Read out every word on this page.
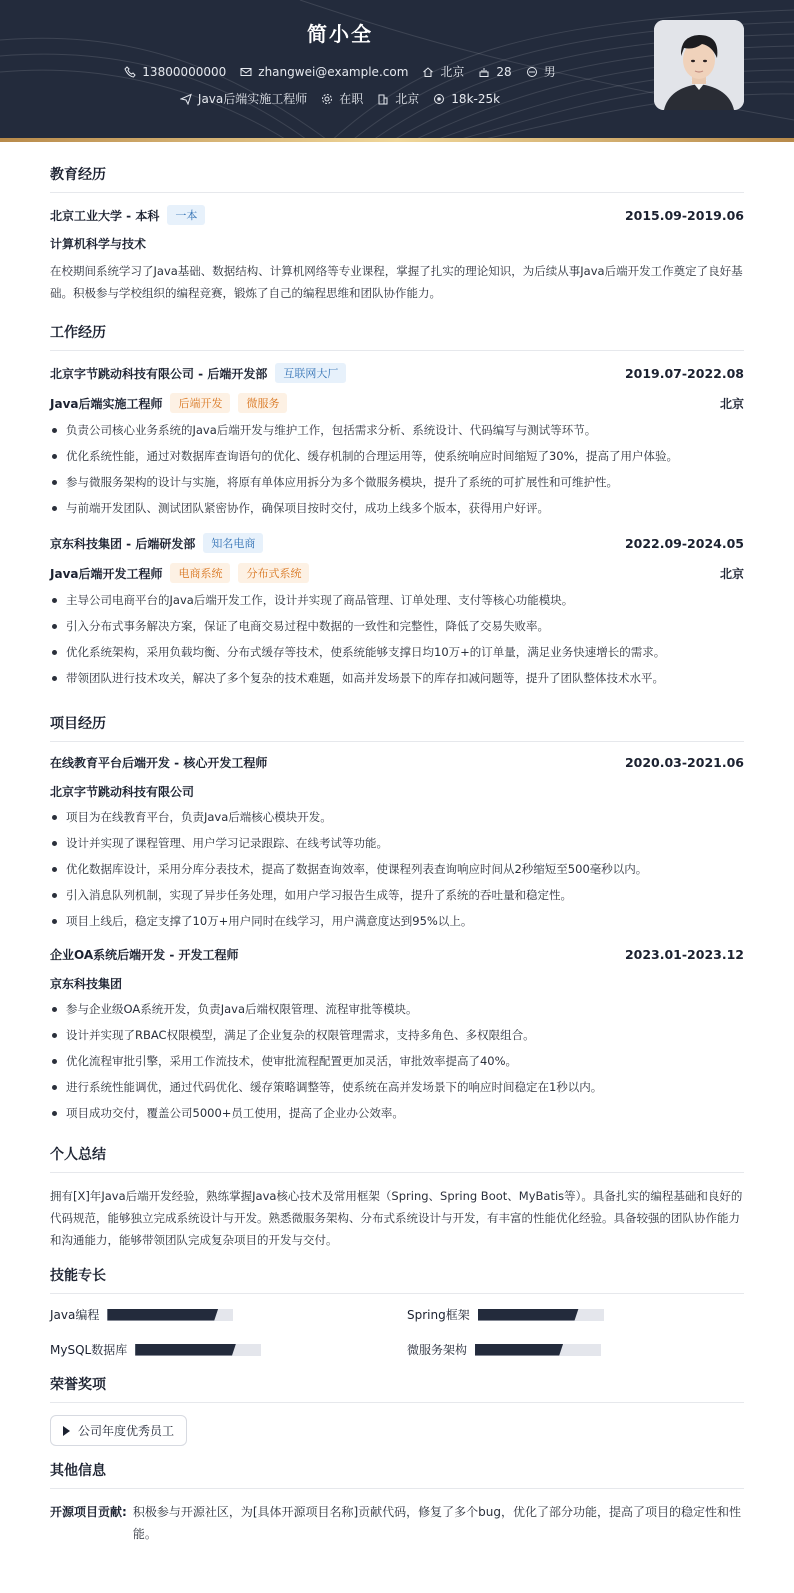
简小全
13800000000	zhangwei@example.com	北京	28	男
Java后端实施工程师	在职	北京	18k-25k
教育经历
北京工业大学 - 本科	一本	2015.09-2019.06
计算机科学与技术
在校期间系统学习了Java基础、数据结构、计算机网络等专业课程，掌握了扎实的理论知识，为后续从事Java后端开发工作奠定了良好基础。积极参与学校组织的编程竞赛，锻炼了自己的编程思维和团队协作能力。
工作经历
北京字节跳动科技有限公司 - 后端开发部	互联网大厂	2019.07-2022.08
Java后端实施工程师	后端开发	微服务	北京
负责公司核心业务系统的Java后端开发与维护工作，包括需求分析、系统设计、代码编写与测试等环节。
优化系统性能，通过对数据库查询语句的优化、缓存机制的合理运用等，使系统响应时间缩短了30%，提高了用户体验。
参与微服务架构的设计与实施，将原有单体应用拆分为多个微服务模块，提升了系统的可扩展性和可维护性。
与前端开发团队、测试团队紧密协作，确保项目按时交付，成功上线多个版本，获得用户好评。
京东科技集团 - 后端研发部	知名电商	2022.09-2024.05
Java后端开发工程师	电商系统	分布式系统	北京
主导公司电商平台的Java后端开发工作，设计并实现了商品管理、订单处理、支付等核心功能模块。
引入分布式事务解决方案，保证了电商交易过程中数据的一致性和完整性，降低了交易失败率。
优化系统架构，采用负载均衡、分布式缓存等技术，使系统能够支撑日均10万+的订单量，满足业务快速增长的需求。
带领团队进行技术攻关，解决了多个复杂的技术难题，如高并发场景下的库存扣减问题等，提升了团队整体技术水平。
项目经历
在线教育平台后端开发 - 核心开发工程师	2020.03-2021.06
北京字节跳动科技有限公司
项目为在线教育平台，负责Java后端核心模块开发。
设计并实现了课程管理、用户学习记录跟踪、在线考试等功能。
优化数据库设计，采用分库分表技术，提高了数据查询效率，使课程列表查询响应时间从2秒缩短至500毫秒以内。
引入消息队列机制，实现了异步任务处理，如用户学习报告生成等，提升了系统的吞吐量和稳定性。
项目上线后，稳定支撑了10万+用户同时在线学习，用户满意度达到95%以上。
企业OA系统后端开发 - 开发工程师	2023.01-2023.12
京东科技集团
参与企业级OA系统开发，负责Java后端权限管理、流程审批等模块。
设计并实现了RBAC权限模型，满足了企业复杂的权限管理需求，支持多角色、多权限组合。
优化流程审批引擎，采用工作流技术，使审批流程配置更加灵活，审批效率提高了40%。
进行系统性能调优，通过代码优化、缓存策略调整等，使系统在高并发场景下的响应时间稳定在1秒以内。
项目成功交付，覆盖公司5000+员工使用，提高了企业办公效率。
个人总结
拥有[X]年Java后端开发经验，熟练掌握Java核心技术及常用框架（Spring、Spring Boot、MyBatis等）。具备扎实的编程基础和良好的代码规范，能够独立完成系统设计与开发。熟悉微服务架构、分布式系统设计与开发，有丰富的性能优化经验。具备较强的团队协作能力和沟通能力，能够带领团队完成复杂项目的开发与交付。
技能专长
Java编程	Spring框架
MySQL数据库	微服务架构
荣誉奖项
公司年度优秀员工
其他信息
开源项目贡献: 积极参与开源社区，为[具体开源项目名称]贡献代码，修复了多个bug，优化了部分功能，提高了项目的稳定性和性能。
